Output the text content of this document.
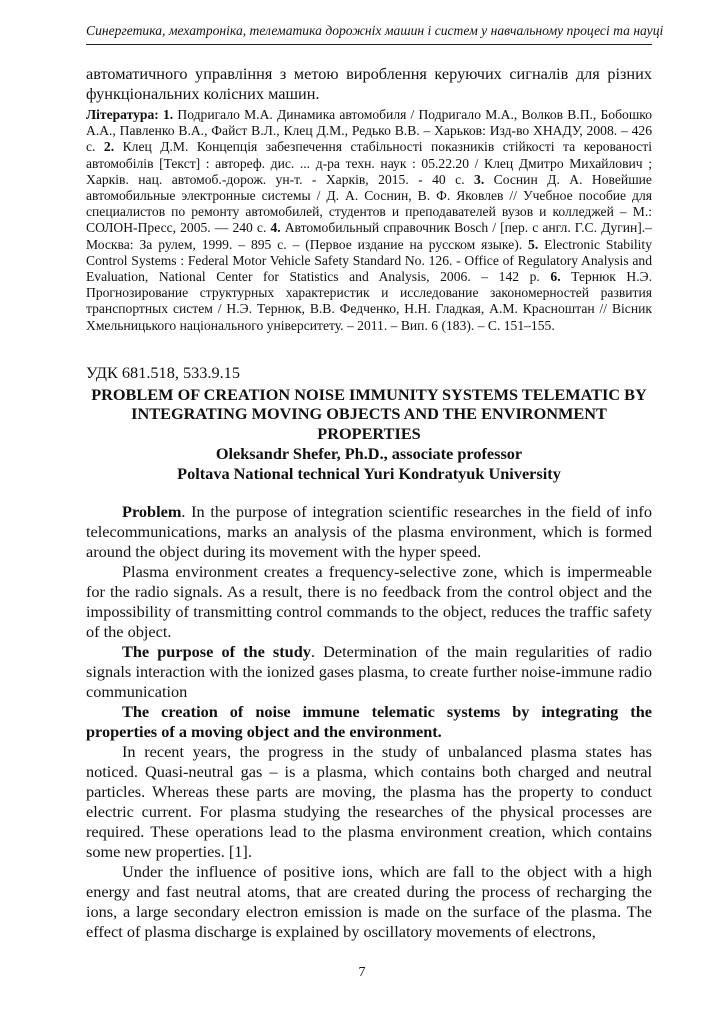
Синергетика, мехатроніка, телематика дорожніх машин і систем у навчальному процесі та науці

автоматичного управління з метою вироблення керуючих сигналів для різних функціональних колісних машин.

Література: 1. Подригало М.А. Динамика автомобиля / Подригало М.А., Волков В.П., Бобошко А.А., Павленко В.А., Файст В.Л., Клец Д.М., Редько В.В. – Харьков: Изд-во ХНАДУ, 2008. – 426 с. 2. Клец Д.М. Концепція забезпечення стабільності показників стійкості та керованості автомобілів [Текст] : автореф. дис. ... д-ра техн. наук : 05.22.20 / Клец Дмитро Михайлович ; Харків. нац. автомоб.-дорож. ун-т. - Харків, 2015. - 40 с. 3. Соснин Д. А. Новейшие автомобильные электронные системы / Д. А. Соснин, В. Ф. Яковлев // Учебное пособие для специалистов по ремонту автомобилей, студентов и преподавателей вузов и колледжей – М.: СОЛОН-Пресс, 2005. — 240 с. 4. Автомобильный справочник Bosch / [пер. с англ. Г.С. Дугин].– Москва: За рулем, 1999. – 895 с. – (Первое издание на русском языке). 5. Electronic Stability Control Systems : Federal Motor Vehicle Safety Standard No. 126. - Office of Regulatory Analysis and Evaluation, National Center for Statistics and Analysis, 2006. – 142 p. 6. Тернюк Н.Э. Прогнозирование структурных характеристик и исследование закономерностей развития транспортных систем / Н.Э. Тернюк, В.В. Федченко, Н.Н. Гладкая, А.М. Красноштан // Вісник Хмельницького національного університету. – 2011. – Вип. 6 (183). – С. 151–155.

УДК 681.518, 533.9.15

PROBLEM OF CREATION NOISE IMMUNITY SYSTEMS TELEMATIC BY INTEGRATING MOVING OBJECTS AND THE ENVIRONMENT PROPERTIES

Oleksandr Shefer, Ph.D., associate professor

Poltava National technical Yuri Kondratyuk University

Problem. In the purpose of integration scientific researches in the field of info telecommunications, marks an analysis of the plasma environment, which is formed around the object during its movement with the hyper speed.

Plasma environment creates a frequency-selective zone, which is impermeable for the radio signals. As a result, there is no feedback from the control object and the impossibility of transmitting control commands to the object, reduces the traffic safety of the object.

The purpose of the study. Determination of the main regularities of radio signals interaction with the ionized gases plasma, to create further noise-immune radio communication

The creation of noise immune telematic systems by integrating the properties of a moving object and the environment.

In recent years, the progress in the study of unbalanced plasma states has noticed. Quasi-neutral gas – is a plasma, which contains both charged and neutral particles. Whereas these parts are moving, the plasma has the property to conduct electric current. For plasma studying the researches of the physical processes are required. These operations lead to the plasma environment creation, which contains some new properties. [1].

Under the influence of positive ions, which are fall to the object with a high energy and fast neutral atoms, that are created during the process of recharging the ions, a large secondary electron emission is made on the surface of the plasma. The effect of plasma discharge is explained by oscillatory movements of electrons,

7
